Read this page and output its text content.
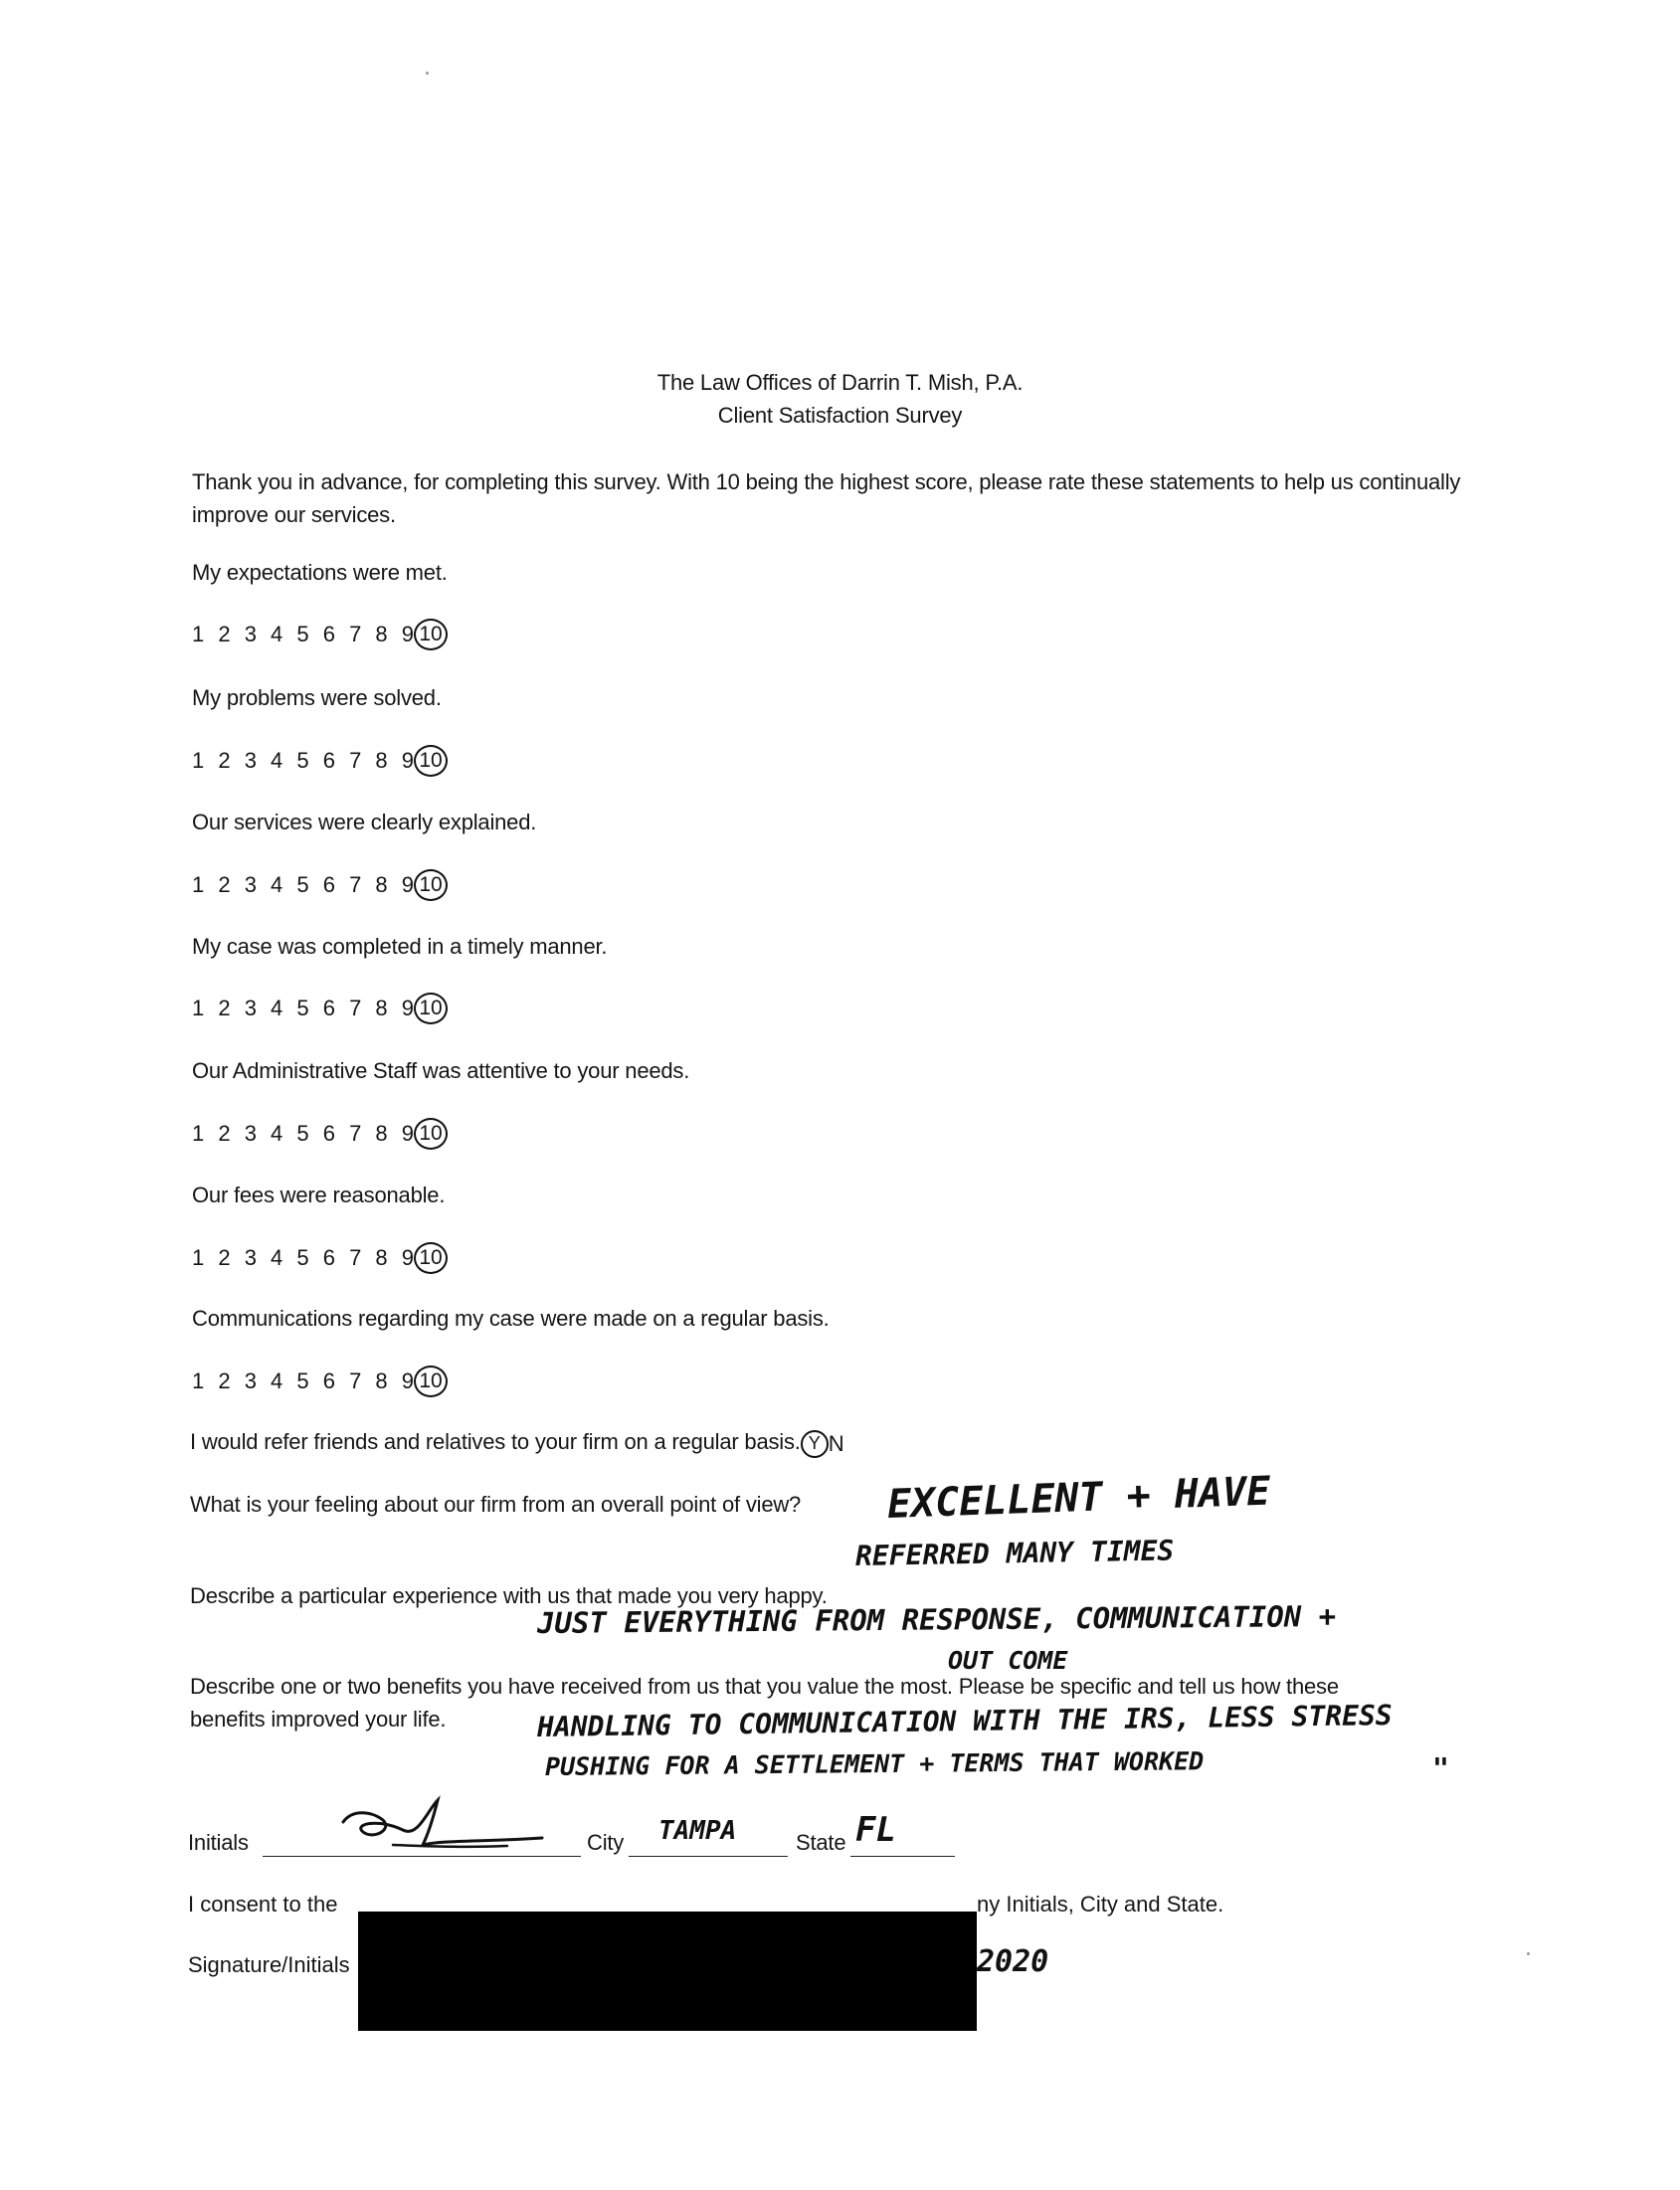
The Law Offices of Darrin T. Mish, P.A.
Client Satisfaction Survey
Thank you in advance, for completing this survey. With 10 being the highest score, please rate these statements to help us continually improve our services.
My expectations were met.
1 2 3 4 5 6 7 8 9 10
My problems were solved.
1 2 3 4 5 6 7 8 9 10
Our services were clearly explained.
1 2 3 4 5 6 7 8 9 10
My case was completed in a timely manner.
1 2 3 4 5 6 7 8 9 10
Our Administrative Staff was attentive to your needs.
1 2 3 4 5 6 7 8 9 10
Our fees were reasonable.
1 2 3 4 5 6 7 8 9 10
Communications regarding my case were made on a regular basis.
1 2 3 4 5 6 7 8 9 10
I would refer friends and relatives to your firm on a regular basis. Y N
What is your feeling about our firm from an overall point of view? EXCELLENT + HAVE
REFERRED MANY TIMES
Describe a particular experience with us that made you very happy.
JUST EVERYTHING FROM RESPONSE, COMMUNICATION +
OUT COME
Describe one or two benefits you have received from us that you value the most. Please be specific and tell us how these
benefits improved your life.	HANDLING TO COMMUNICATION WITH THE IRS, LESS STRESS
PUSHING FOR A SETTLEMENT + TERMS THAT WORKED	"
Initials	City TAMPA	State FL
I consent to the	ny Initials, City and State.
Signature/Initials	2020
